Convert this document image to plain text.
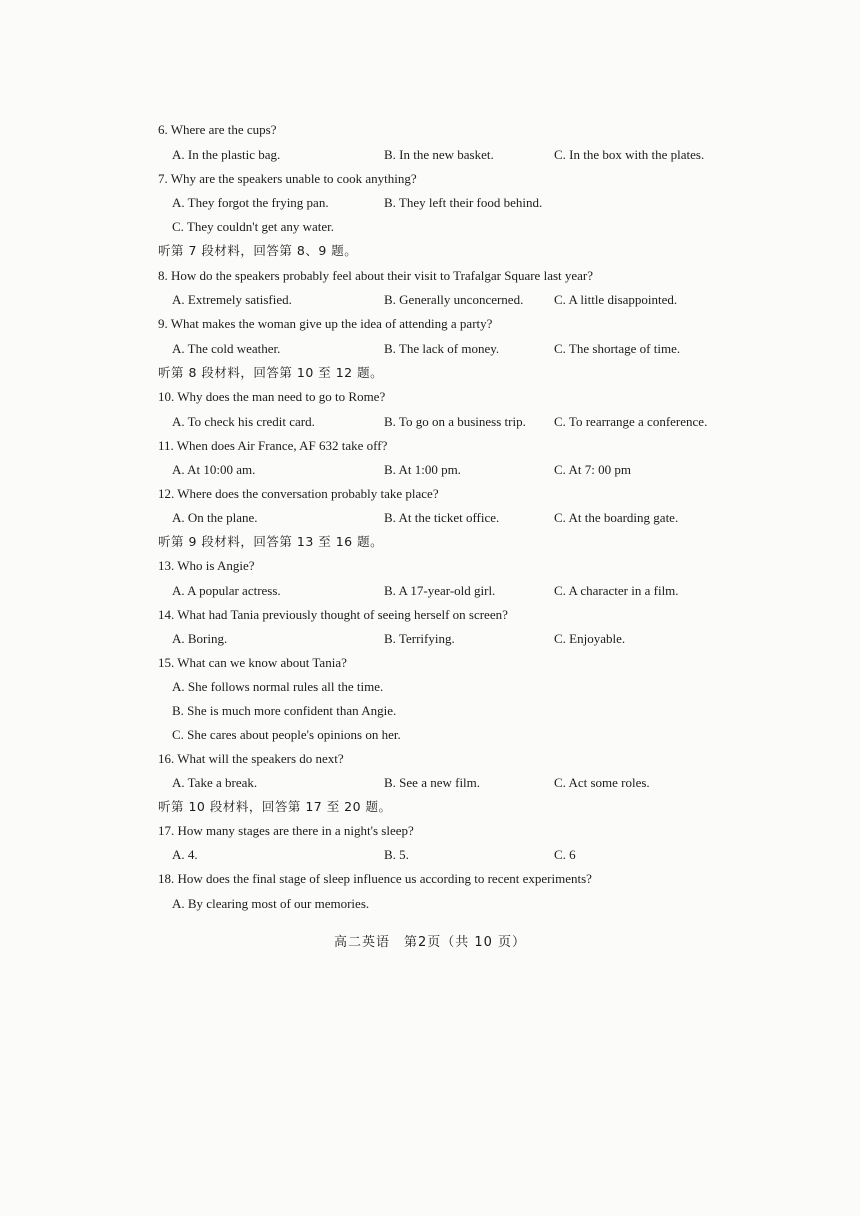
6. Where are the cups?
A. In the plastic bag.	B. In the new basket.	C. In the box with the plates.
7. Why are the speakers unable to cook anything?
A. They forgot the frying pan.	B. They left their food behind.
C. They couldn't get any water.
听第 7 段材料，回答第 8、9 题。
8. How do the speakers probably feel about their visit to Trafalgar Square last year?
A. Extremely satisfied.	B. Generally unconcerned. C. A little disappointed.
9. What makes the woman give up the idea of attending a party?
A. The cold weather.	B. The lack of money.	C. The shortage of time.
听第 8 段材料，回答第 10 至 12 题。
10. Why does the man need to go to Rome?
A. To check his credit card.	B. To go on a business trip. C. To rearrange a conference.
11. When does Air France, AF 632 take off?
A. At 10:00 am.	B. At 1:00 pm.	C. At 7: 00 pm
12. Where does the conversation probably take place?
A. On the plane.	B. At the ticket office.	C. At the boarding gate.
听第 9 段材料，回答第 13 至 16 题。
13. Who is Angie?
A. A popular actress.	B. A 17-year-old girl.	C. A character in a film.
14. What had Tania previously thought of seeing herself on screen?
A. Boring.	B. Terrifying.	C. Enjoyable.
15. What can we know about Tania?
A. She follows normal rules all the time.
B. She is much more confident than Angie.
C. She cares about people's opinions on her.
16. What will the speakers do next?
A. Take a break.	B. See a new film.	C. Act some roles.
听第 10 段材料，回答第 17 至 20 题。
17. How many stages are there in a night's sleep?
A. 4.	B. 5.	C. 6
18. How does the final stage of sleep influence us according to recent experiments?
A. By clearing most of our memories.
高二英语　第2页（共 10 页）
